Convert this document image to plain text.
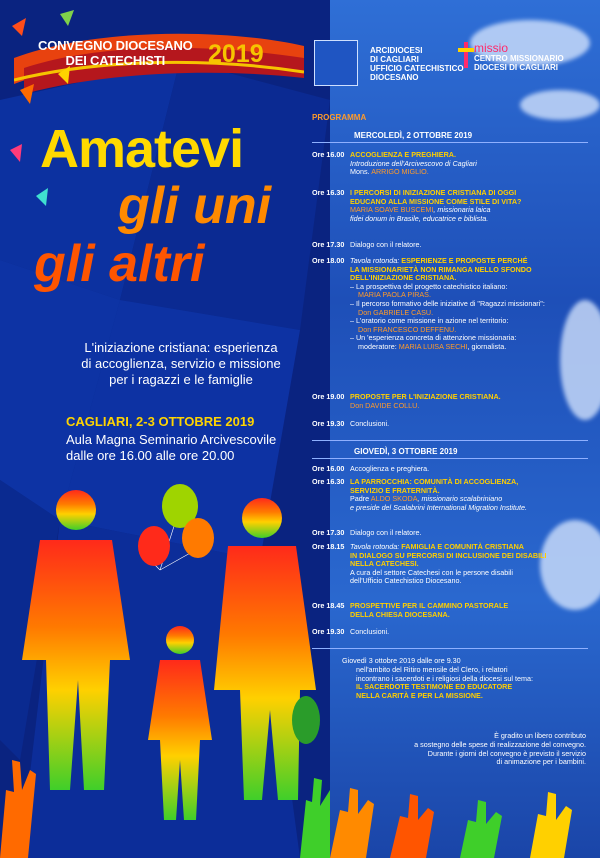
CONVEGNO DIOCESANO
DEI CATECHISTI	2019	ARCIDIOCESI
DI CAGLIARI
UFFICIO CATECHISTICO
DIOCESANO
missio
CENTRO MISSIONARIO
DIOCESI DI CAGLIARI
Amatevi
gli uni
gli altri
L'iniziazione cristiana: esperienza
di accoglienza, servizio e missione
per i ragazzi e le famiglie
CAGLIARI, 2-3 OTTOBRE 2019
Aula Magna Seminario Arcivescovile
dalle ore 16.00 alle ore 20.00
PROGRAMMA
MERCOLEDÌ, 2 OTTOBRE 2019
Ore 16.00 ACCOGLIENZA E PREGHIERA.
Introduzione dell'Arcivescovo di Cagliari
Mons. ARRIGO MIGLIO.
Ore 16.30 I PERCORSI DI INIZIAZIONE CRISTIANA DI OGGI
EDUCANO ALLA MISSIONE COME STILE DI VITA?
MARIA SOAVE BUSCEMI, missionaria laica
fidei donum in Brasile, educatrice e biblista.
Ore 17.30 Dialogo con il relatore.
Ore 18.00 Tavola rotonda: ESPERIENZE E PROPOSTE PERCHÉ
LA MISSIONARIETÀ NON RIMANGA NELLO SFONDO
DELL'INIZIAZIONE CRISTIANA.
– La prospettiva del progetto catechistico italiano:
MARIA PAOLA PIRAS.
– Il percorso formativo delle iniziative di "Ragazzi missionari":
Don GABRIELE CASU.
– L'oratorio come missione in azione nel territorio:
Don FRANCESCO DEFFENU.
– Un 'esperienza concreta di attenzione missionaria:
moderatore: MARIA LUISA SECHI, giornalista.
Ore 19.00 PROPOSTE PER L'INIZIAZIONE CRISTIANA.
Don DAVIDE COLLU.
Ore 19.30 Conclusioni.
GIOVEDÌ, 3 OTTOBRE 2019
Ore 16.00 Accoglienza e preghiera.
Ore 16.30 LA PARROCCHIA: COMUNITÀ DI ACCOGLIENZA,
SERVIZIO E FRATERNITÀ.
Padre ALDO SKODA, missionario scalabriniano
e preside del Scalabrini International Migration Institute.
Ore 17.30 Dialogo con il relatore.
Ore 18.15 Tavola rotonda: FAMIGLIA E COMUNITÀ CRISTIANA
IN DIALOGO SU PERCORSI DI INCLUSIONE DEI DISABILI
NELLA CATECHESI.
A cura del settore Catechesi con le persone disabili
dell'Ufficio Catechistico Diocesano.
Ore 18.45 PROSPETTIVE PER IL CAMMINO PASTORALE
DELLA CHIESA DIOCESANA.
Ore 19.30 Conclusioni.
Giovedì 3 ottobre 2019 dalle ore 9.30
nell'ambito del Ritiro mensile del Clero, i relatori
incontrano i sacerdoti e i religiosi della diocesi sul tema:
IL SACERDOTE TESTIMONE ED EDUCATORE
NELLA CARITÀ E PER LA MISSIONE.
È gradito un libero contributo
a sostegno delle spese di realizzazione del convegno.
Durante i giorni del convegno è previsto il servizio
di animazione per i bambini.
